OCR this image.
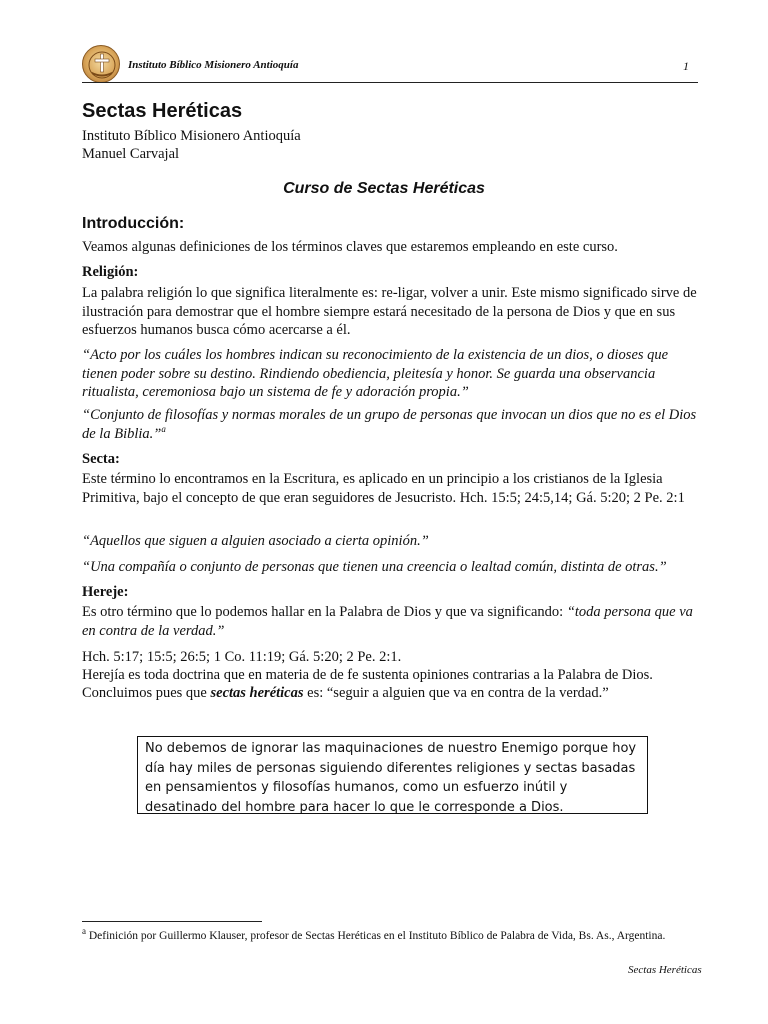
Instituto Bíblico Misionero Antioquía	1
Sectas Heréticas
Instituto Bíblico Misionero Antioquía
Manuel Carvajal
Curso de Sectas Heréticas
Introducción:
Veamos algunas definiciones de los términos claves que estaremos empleando en este curso.
Religión:
La palabra religión lo que significa literalmente es: re-ligar, volver a unir. Este mismo significado sirve de ilustración para demostrar que el hombre siempre estará necesitado de la persona de Dios y que en sus esfuerzos humanos busca cómo acercarse a él.
“Acto por los cuáles los hombres indican su reconocimiento de la existencia de un dios, o dioses que tienen poder sobre su destino. Rindiendo obediencia, pleitesía y honor. Se guarda una observancia ritualista, ceremoniosa bajo un sistema de fe y adoración propia.”
“Conjunto de filosofías y normas morales de un grupo de personas que invocan un dios que no es el Dios de la Biblia.”$^a$
Secta:
Este término lo encontramos en la Escritura, es aplicado en un principio a los cristianos de la Iglesia Primitiva, bajo el concepto de que eran seguidores de Jesucristo. Hch. 15:5; 24:5,14; Gá. 5:20; 2 Pe. 2:1
“Aquellos que siguen a alguien asociado a cierta opinión.”
“Una compañía o conjunto de personas que tienen una creencia o lealtad común, distinta de otras.”
Hereje:
Es otro término que lo podemos hallar en la Palabra de Dios y que va significando: “toda persona que va en contra de la verdad.”
Hch. 5:17; 15:5; 26:5; 1 Co. 11:19; Gá. 5:20; 2 Pe. 2:1.
Herejía es toda doctrina que en materia de de fe sustenta opiniones contrarias a la Palabra de Dios.
Concluimos pues que sectas heréticas es: “seguir a alguien que va en contra de la verdad.”
No debemos de ignorar las maquinaciones de nuestro Enemigo porque hoy día hay miles de personas siguiendo diferentes religiones y sectas basadas en pensamientos y filosofías humanos, como un esfuerzo inútil y desatinado del hombre para hacer lo que le corresponde a Dios.
$^a$ Definición por Guillermo Klauser, profesor de Sectas Heréticas en el Instituto Bíblico de Palabra de Vida, Bs. As., Argentina.
Sectas Heréticas
